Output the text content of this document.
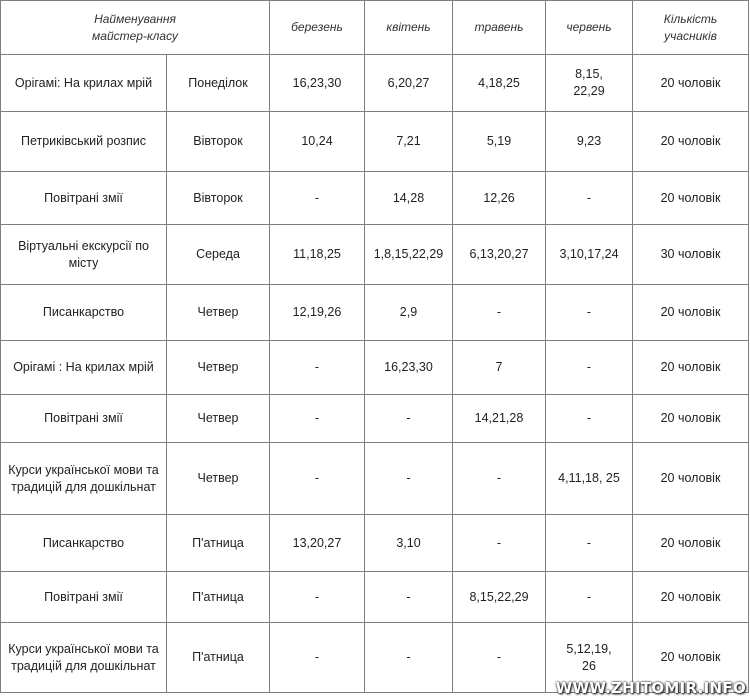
Найменування майстер-класу		березень	квітень	травень	червень	Кількість учасників

Орігамі: На крилах мрій	Понеділок	16,23,30	6,20,27	4,18,25	8,15, 22,29	20 чоловік

Петриківський розпис	Вівторок	10,24	7,21	5,19	9,23	20 чоловік

Повітрані змії	Вівторок	-	14,28	12,26	-	20 чоловік

Віртуальні екскурсії по місту	Середа	11,18,25	1,8,15,22,29	6,13,20,27	3,10,17,24	30 чоловік

Писанкарство	Четвер	12,19,26	2,9	-	-	20 чоловік

Орігамі : На крилах мрій	Четвер	-	16,23,30	7	-	20 чоловік

Повітрані змії	Четвер	-	-	14,21,28	-	20 чоловік

Курси української мови та традицій для дошкільнат	Четвер	-	-	-	4,11,18, 25	20 чоловік

Писанкарство	П'атница	13,20,27	3,10	-	-	20 чоловік

Повітрані змії	П'атница	-	-	8,15,22,29	-	20 чоловік

Курси української мови та традицій для дошкільнат	П'атница	-	-	-	5,12,19, 26	20 чоловік
WWW.ZHITOMIR.INFO
